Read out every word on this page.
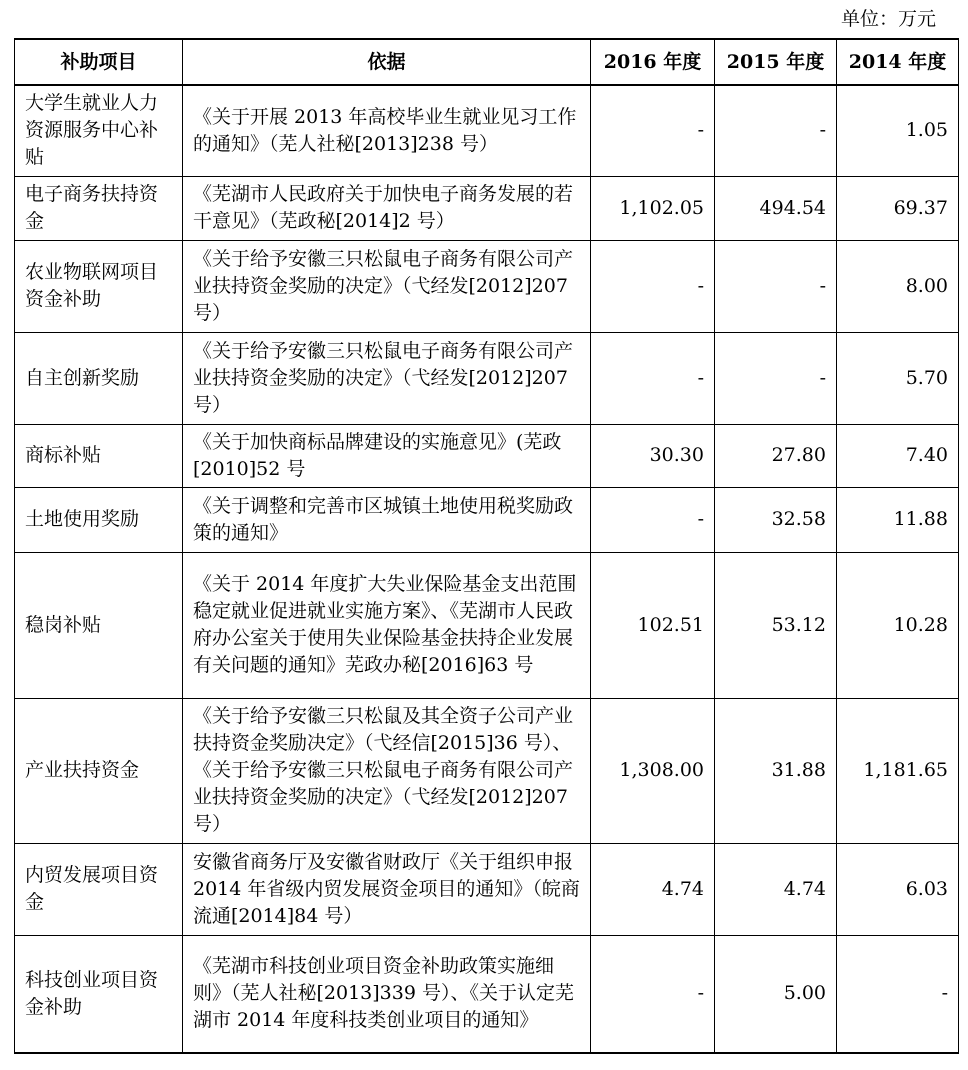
单位：万元
补助项目	依据	2016 年度	2015 年度	2014 年度
大学生就业人力资源服务中心补贴	《关于开展 2013 年高校毕业生就业见习工作的通知》（芜人社秘[2013]238 号）	-	-	1.05
电子商务扶持资金	《芜湖市人民政府关于加快电子商务发展的若干意见》（芜政秘[2014]2 号）	1,102.05	494.54	69.37
农业物联网项目资金补助	《关于给予安徽三只松鼠电子商务有限公司产业扶持资金奖励的决定》（弋经发[2012]207 号）	-	-	8.00
自主创新奖励	《关于给予安徽三只松鼠电子商务有限公司产业扶持资金奖励的决定》（弋经发[2012]207 号）	-	-	5.70
商标补贴	《关于加快商标品牌建设的实施意见》(芜政[2010]52 号	30.30	27.80	7.40
土地使用奖励	《关于调整和完善市区城镇土地使用税奖励政策的通知》	-	32.58	11.88
稳岗补贴	《关于 2014 年度扩大失业保险基金支出范围稳定就业促进就业实施方案》、《芜湖市人民政府办公室关于使用失业保险基金扶持企业发展有关问题的通知》芜政办秘[2016]63 号	102.51	53.12	10.28
产业扶持资金	《关于给予安徽三只松鼠及其全资子公司产业扶持资金奖励决定》（弋经信[2015]36 号）、《关于给予安徽三只松鼠电子商务有限公司产业扶持资金奖励的决定》（弋经发[2012]207 号）	1,308.00	31.88	1,181.65
内贸发展项目资金	安徽省商务厅及安徽省财政厅《关于组织申报 2014 年省级内贸发展资金项目的通知》（皖商流通[2014]84 号）	4.74	4.74	6.03
科技创业项目资金补助	《芜湖市科技创业项目资金补助政策实施细则》（芜人社秘[2013]339 号）、《关于认定芜湖市 2014 年度科技类创业项目的通知》	-	5.00	-
